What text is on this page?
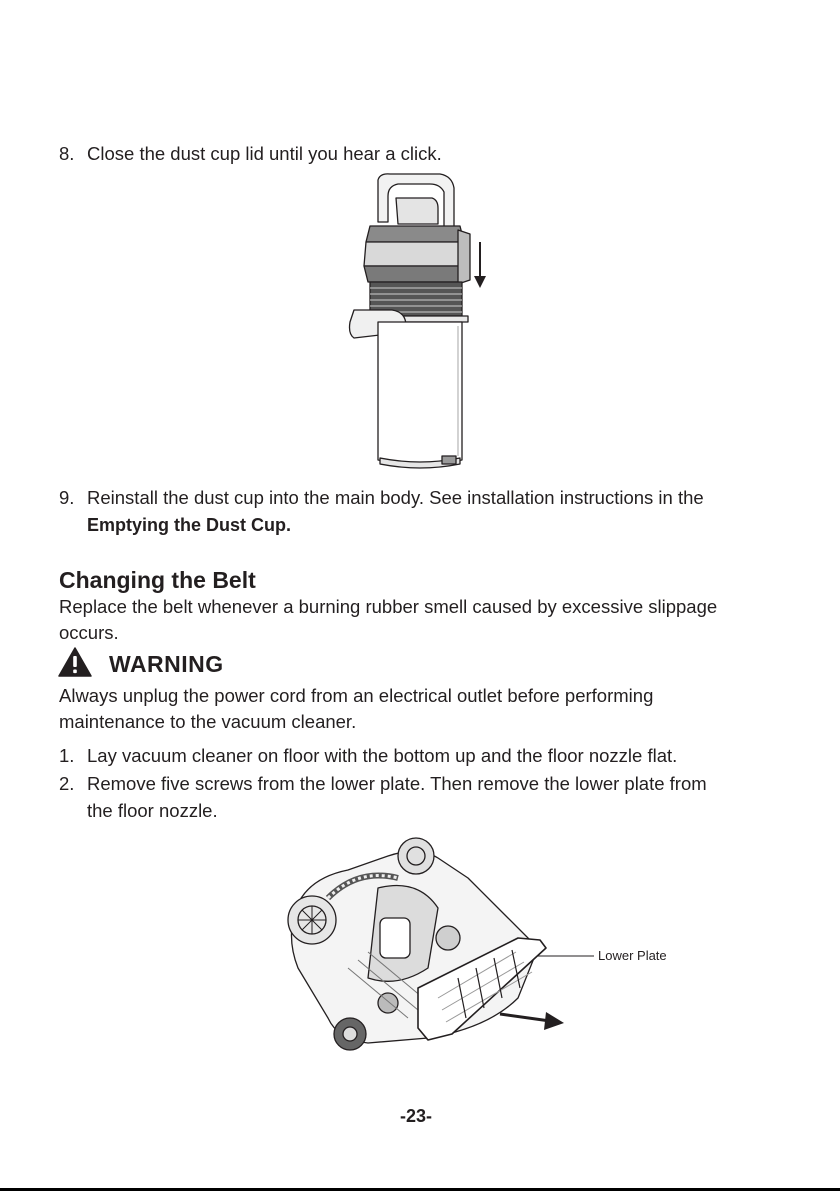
8. Close the dust cup lid until you hear a click.
9. Reinstall the dust cup into the main body. See installation instructions in the
Emptying the Dust Cup.
Changing the Belt
Replace the belt whenever a burning rubber smell caused by excessive slippage
occurs.
WARNING
Always unplug the power cord from an electrical outlet before performing
maintenance to the vacuum cleaner.
1. Lay vacuum cleaner on floor with the bottom up and the floor nozzle flat.
2. Remove five screws from the lower plate. Then remove the lower plate from
the floor nozzle.
Lower Plate
-23-
